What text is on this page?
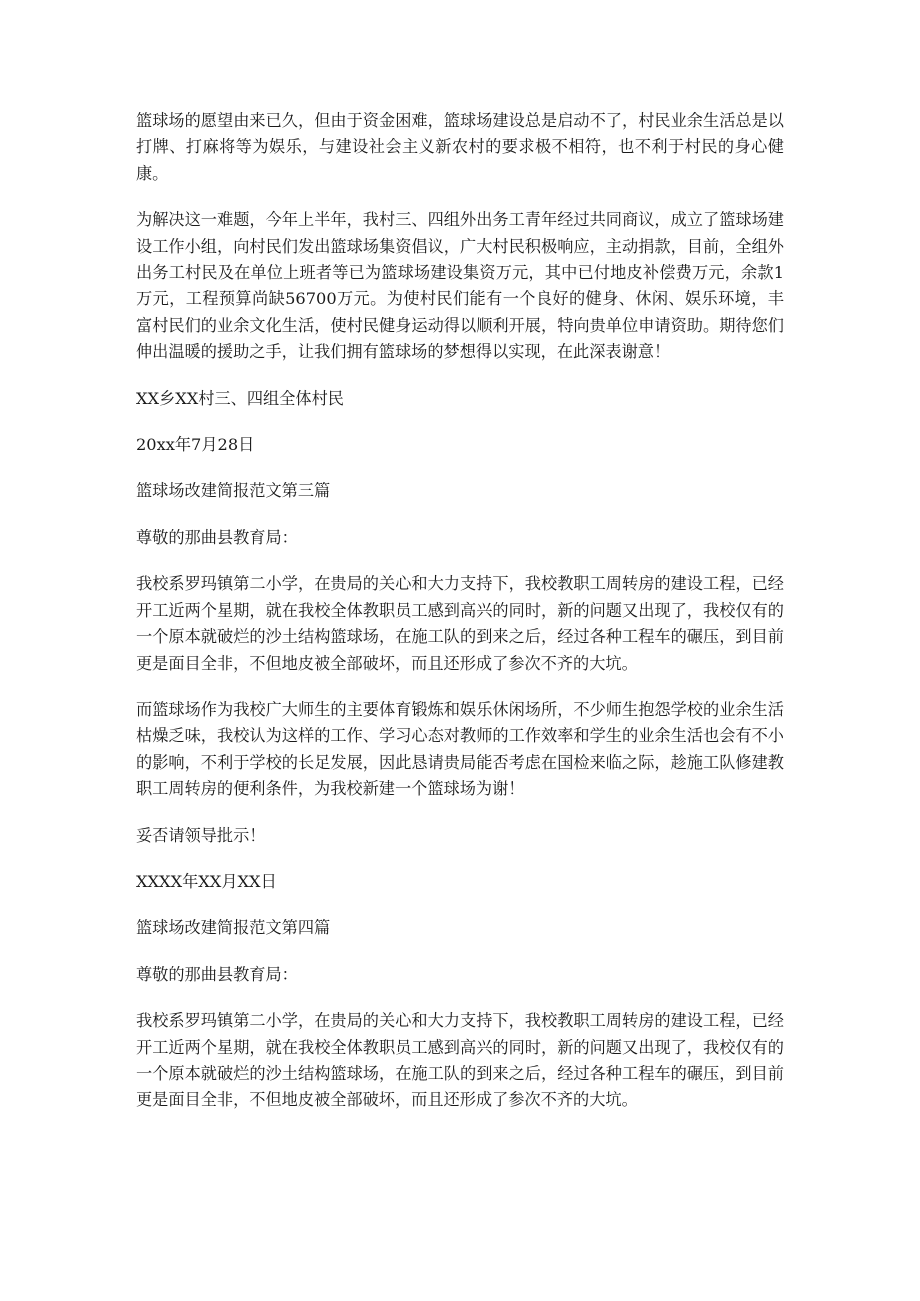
篮球场的愿望由来已久，但由于资金困难，篮球场建设总是启动不了，村民业余生活总是以打牌、打麻将等为娱乐，与建设社会主义新农村的要求极不相符，也不利于村民的身心健康。

为解决这一难题，今年上半年，我村三、四组外出务工青年经过共同商议，成立了篮球场建设工作小组，向村民们发出篮球场集资倡议，广大村民积极响应，主动捐款，目前，全组外出务工村民及在单位上班者等已为篮球场建设集资万元，其中已付地皮补偿费万元，余款1万元，工程预算尚缺56700万元。为使村民们能有一个良好的健身、休闲、娱乐环境，丰富村民们的业余文化生活，使村民健身运动得以顺利开展，特向贵单位申请资助。期待您们伸出温暖的援助之手，让我们拥有篮球场的梦想得以实现，在此深表谢意！

XX乡XX村三、四组全体村民

20xx年7月28日

篮球场改建简报范文第三篇

尊敬的那曲县教育局：

我校系罗玛镇第二小学，在贵局的关心和大力支持下，我校教职工周转房的建设工程，已经开工近两个星期，就在我校全体教职员工感到高兴的同时，新的问题又出现了，我校仅有的一个原本就破烂的沙土结构篮球场，在施工队的到来之后，经过各种工程车的碾压，到目前更是面目全非，不但地皮被全部破坏，而且还形成了参次不齐的大坑。

而篮球场作为我校广大师生的主要体育锻炼和娱乐休闲场所，不少师生抱怨学校的业余生活枯燥乏味，我校认为这样的工作、学习心态对教师的工作效率和学生的业余生活也会有不小的影响，不利于学校的长足发展，因此恳请贵局能否考虑在国检来临之际，趁施工队修建教职工周转房的便利条件，为我校新建一个篮球场为谢！

妥否请领导批示！

XXXX年XX月XX日

篮球场改建简报范文第四篇

尊敬的那曲县教育局：

我校系罗玛镇第二小学，在贵局的关心和大力支持下，我校教职工周转房的建设工程，已经开工近两个星期，就在我校全体教职员工感到高兴的同时，新的问题又出现了，我校仅有的一个原本就破烂的沙土结构篮球场，在施工队的到来之后，经过各种工程车的碾压，到目前更是面目全非，不但地皮被全部破坏，而且还形成了参次不齐的大坑。
